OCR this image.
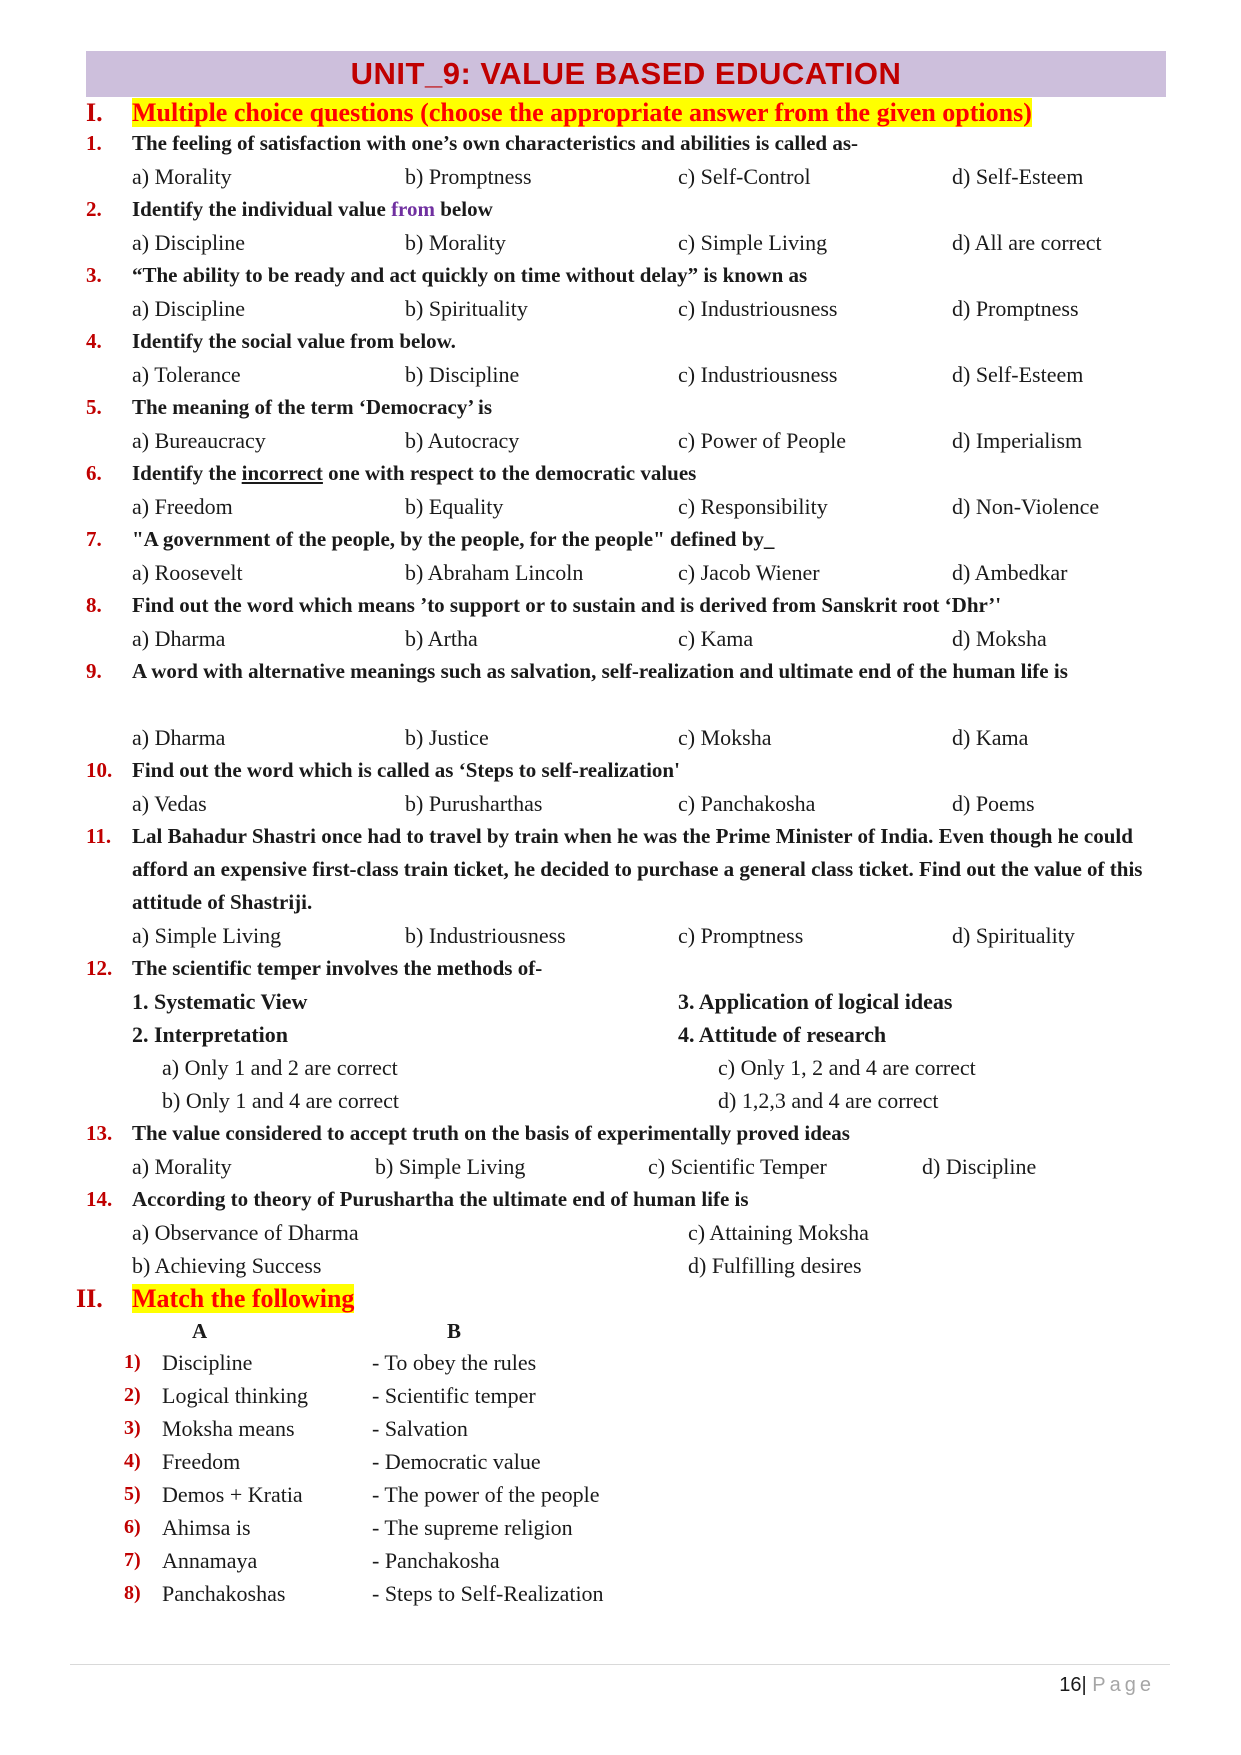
UNIT_9: VALUE BASED EDUCATION
I. Multiple choice questions (choose the appropriate answer from the given options)
1.	The feeling of satisfaction with one’s own characteristics and abilities is called as-
a) Morality	b) Promptness	c) Self-Control	d) Self-Esteem
2.	Identify the individual value from below
a) Discipline	b) Morality	c) Simple Living	d) All are correct
3.	“The ability to be ready and act quickly on time without delay” is known as
a) Discipline	b) Spirituality	c) Industriousness	d) Promptness
4.	Identify the social value from below.
a) Tolerance	b) Discipline	c) Industriousness	d) Self-Esteem
5.	The meaning of the term ‘Democracy’ is
a) Bureaucracy	b) Autocracy	c) Power of People	d) Imperialism
6.	Identify the incorrect one with respect to the democratic values
a) Freedom	b) Equality	c) Responsibility	d) Non-Violence
7.	"A government of the people, by the people, for the people" defined by_
a) Roosevelt	b) Abraham Lincoln	c) Jacob Wiener	d) Ambedkar
8.	Find out the word which means ’to support or to sustain and is derived from Sanskrit root ‘Dhr’'
a) Dharma	b) Artha	c) Kama	d) Moksha
9.	A word with alternative meanings such as salvation, self-realization and ultimate end of the human life is
a) Dharma	b) Justice	c) Moksha	d) Kama
10. Find out the word which is called as ‘Steps to self-realization'
a) Vedas	b) Purusharthas	c) Panchakosha	d) Poems
11. Lal Bahadur Shastri once had to travel by train when he was the Prime Minister of India. Even though he could afford an expensive first-class train ticket, he decided to purchase a general class ticket. Find out the value of this attitude of Shastriji.
a) Simple Living	b) Industriousness	c) Promptness	d) Spirituality
12. The scientific temper involves the methods of-
1. Systematic View	3. Application of logical ideas
2. Interpretation	4. Attitude of research
a) Only 1 and 2 are correct	c) Only 1, 2 and 4 are correct
b) Only 1 and 4 are correct	d) 1,2,3 and 4 are correct
13. The value considered to accept truth on the basis of experimentally proved ideas
a) Morality	b) Simple Living	c) Scientific Temper	d) Discipline
14. According to theory of Purushartha the ultimate end of human life is
a) Observance of Dharma	c) Attaining Moksha
b) Achieving Success	d) Fulfilling desires
II. Match the following
A	B
1) Discipline	- To obey the rules
2) Logical thinking	- Scientific temper
3) Moksha means	- Salvation
4) Freedom	- Democratic value
5) Demos + Kratia	- The power of the people
6) Ahimsa is	- The supreme religion
7) Annamaya	- Panchakosha
8) Panchakoshas	- Steps to Self-Realization
16| Page
